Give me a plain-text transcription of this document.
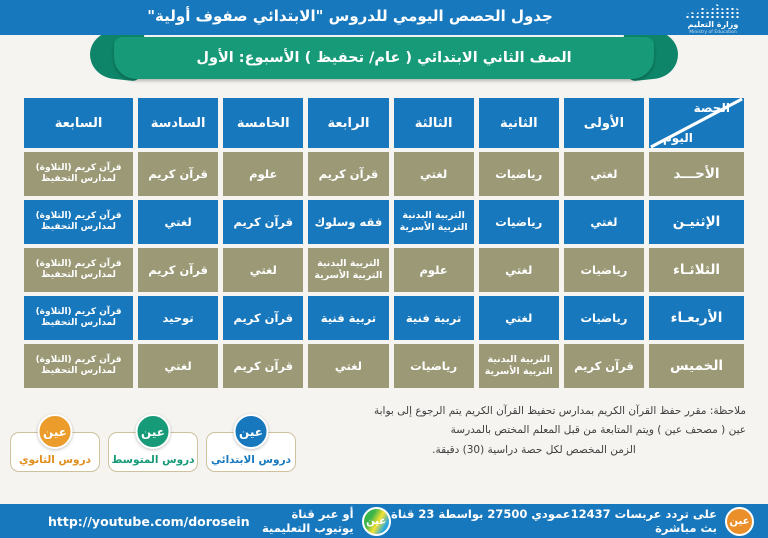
جدول الحصص اليومي للدروس "الابتدائي صفوف أولية"	وزارة التعليم
Ministry of Education
الصف الثاني الابتدائي ( عام/ تحفيظ ) الأسبوع: الأول
الحصة
اليوم
الأولى
الثانية
الثالثة
الرابعة
الخامسة
السادسة
السابعة
الأحـــد
لغتي
رياضيات
لغتي
قرآن كريم
علوم
قرآن كريم
قرآن كريم (التلاوة) لمدارس التحفيظ
الإثنيـن
لغتي
رياضيات
التربية البدنية التربية الأسرية
فقه وسلوك
قرآن كريم
لغتي
قرآن كريم (التلاوة) لمدارس التحفيظ
الثلاثـاء
رياضيات
لغتي
علوم
التربية البدنية التربية الأسرية
لغتي
قرآن كريم
قرآن كريم (التلاوة) لمدارس التحفيظ
الأربعـاء
رياضيات
لغتي
تربية فنية
تربية فنية
قرآن كريم
توحيد
قرآن كريم (التلاوة) لمدارس التحفيظ
الخميس
قرآن كريم
التربية البدنية التربية الأسرية
رياضيات
لغتي
قرآن كريم
لغتي
قرآن كريم (التلاوة) لمدارس التحفيظ
ملاحظة: مقرر حفظ القرآن الكريم بمدارس تحفيظ القرآن الكريم يتم الرجوع إلى بوابة
عين ( مصحف عين ) ويتم المتابعة من قبل المعلم المختص بالمدرسة
الزمن المخصص لكل حصة دراسية (30) دقيقة.
عين
دروس الابتدائي
عين
دروس المتوسط
عين
دروس الثانوي
عين
على تردد عربسات 12437عمودي 27500 بواسطة 23 قناة بث مباشرة
عين
أو عبر قناة يوتيوب التعليمية
http://youtube.com/dorosein
